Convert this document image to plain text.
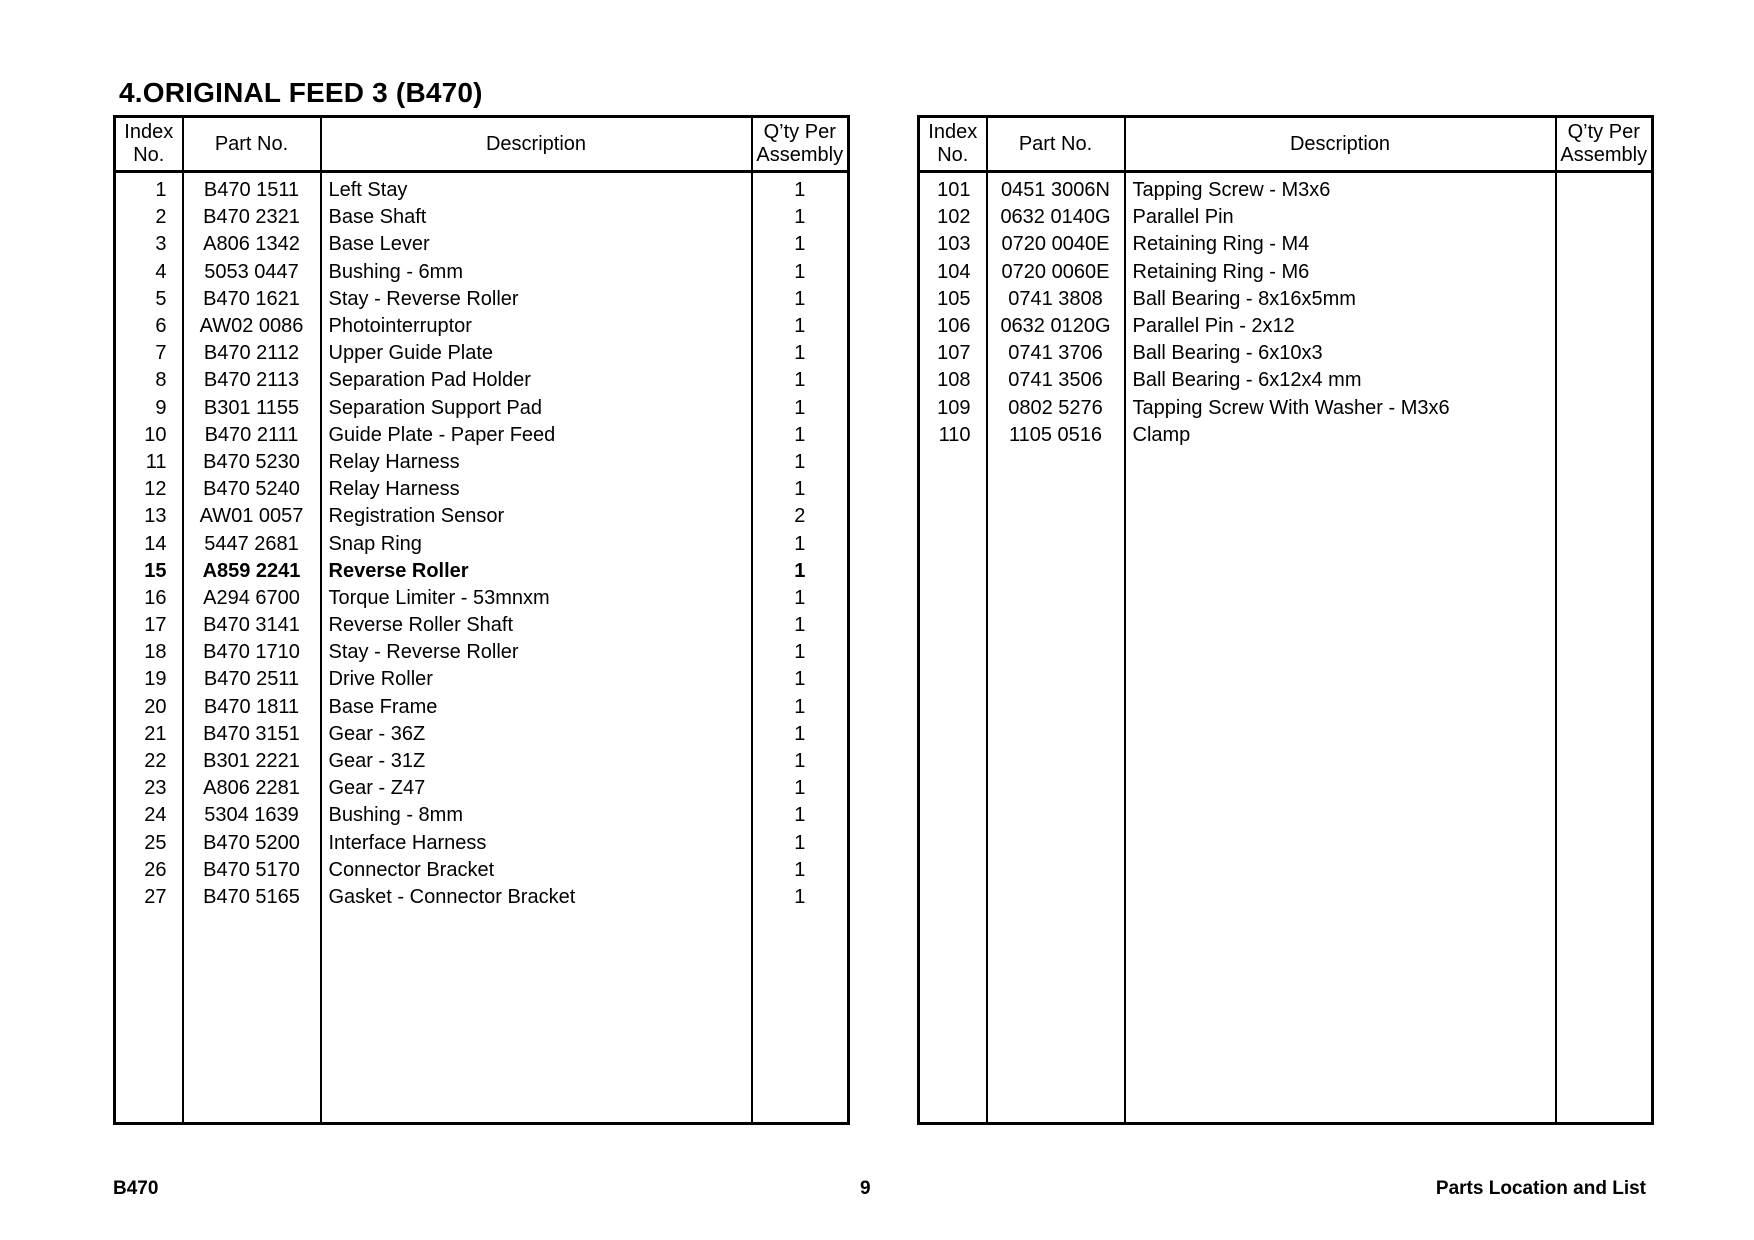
4.ORIGINAL FEED 3 (B470)
Index
No.	Part No.	Description	Q’ty Per
Assembly
1	B470 1511	Left Stay	1
2	B470 2321	Base Shaft	1
3	A806 1342	Base Lever	1
4	5053 0447	Bushing - 6mm	1
5	B470 1621	Stay - Reverse Roller	1
6	AW02 0086	Photointerruptor	1
7	B470 2112	Upper Guide Plate	1
8	B470 2113	Separation Pad Holder	1
9	B301 1155	Separation Support Pad	1
10	B470 2111	Guide Plate - Paper Feed	1
11	B470 5230	Relay Harness	1
12	B470 5240	Relay Harness	1
13	AW01 0057	Registration Sensor	2
14	5447 2681	Snap Ring	1
15	A859 2241	Reverse Roller	1
16	A294 6700	Torque Limiter - 53mnxm	1
17	B470 3141	Reverse Roller Shaft	1
18	B470 1710	Stay - Reverse Roller	1
19	B470 2511	Drive Roller	1
20	B470 1811	Base Frame	1
21	B470 3151	Gear - 36Z	1
22	B301 2221	Gear - 31Z	1
23	A806 2281	Gear - Z47	1
24	5304 1639	Bushing - 8mm	1
25	B470 5200	Interface Harness	1
26	B470 5170	Connector Bracket	1
27	B470 5165	Gasket - Connector Bracket	1

Index
No.	Part No.	Description	Q’ty Per
Assembly
101	0451 3006N	Tapping Screw - M3x6	
102	0632 0140G	Parallel Pin	
103	0720 0040E	Retaining Ring - M4	
104	0720 0060E	Retaining Ring - M6	
105	0741 3808	Ball Bearing - 8x16x5mm	
106	0632 0120G	Parallel Pin - 2x12	
107	0741 3706	Ball Bearing - 6x10x3	
108	0741 3506	Ball Bearing - 6x12x4 mm	
109	0802 5276	Tapping Screw With Washer - M3x6	
110	1105 0516	Clamp	

B470	9	Parts Location and List
